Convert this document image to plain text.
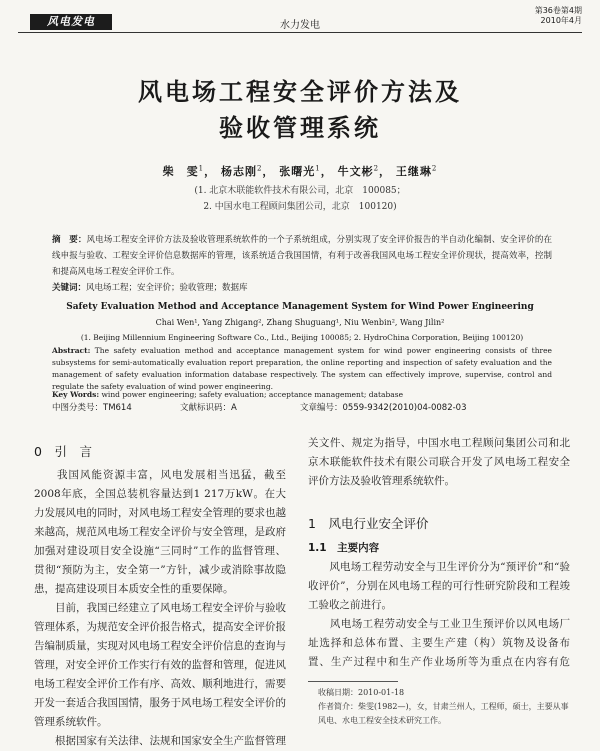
风电发电	水力发电
第36卷第4期
2010年4月
风电场工程安全评价方法及
验收管理系统
柴　雯$^1$， 杨志刚$^2$， 张曙光$^1$， 牛文彬$^2$， 王继琳$^2$
(1. 北京木联能软件技术有限公司，北京　100085；
2. 中国水电工程顾问集团公司，北京　100120)
摘　要：风电场工程安全评价方法及验收管理系统软件的一个子系统组成，分别实现了安全评价报告的半自动化编制、安全评价的在线申报与验收、工程安全评价信息数据库的管理，该系统适合我国国情，有利于改善我国风电场工程安全评价现状，提高效率，控制和提高风电场工程安全评价工作。
关键词：风电场工程；安全评价；验收管理；数据库
Safety Evaluation Method and Acceptance Management System for Wind Power Engineering
Chai Wen¹, Yang Zhigang², Zhang Shuguang¹, Niu Wenbin², Wang Jilin²
(1. Beijing Millennium Engineering Software Co., Ltd., Beijing 100085; 2. HydroChina Corporation, Beijing 100120)
Abstract: The safety evaluation method and acceptance management system for wind power engineering consists of three subsystems for semi-automatically evaluation report preparation, the online reporting and inspection of safety evaluation and the management of safety evaluation information database respectively. The system can effectively improve, supervise, control and regulate the safety evaluation of wind power engineering.
Key Words: wind power engineering; safety evaluation; acceptance management; database
中图分类号：TM614	文献标识码：A	文章编号：0559-9342(2010)04-0082-03
0　引　言

　　我国风能资源丰富，风电发展相当迅猛，截至2008年底，全国总装机容量达到1 217万kW。在大力发展风电的同时，对风电场工程安全管理的要求也越来越高，规范风电场工程安全评价与安全管理，是政府加强对建设项目安全设施“三同时”工作的监督管理、贯彻“预防为主，安全第一”方针，减少或消除事故隐患，提高建设项目本质安全性的重要保障。

　　目前，我国已经建立了风电场工程安全评价与验收管理体系，为规范安全评价报告格式，提高安全评价报告编制质量，实现对风电场工程安全评价信息的查询与管理，对安全评价工作实行有效的监督和管理，促进风电场工程安全评价工作有序、高效、顺利地进行，需要开发一套适合我国国情，服务于风电场工程安全评价的管理系统软件。

　　根据国家有关法律、法规和国家安全生产监督管理

关文件、规定为指导，中国水电工程顾问集团公司和北京木联能软件技术有限公司联合开发了风电场工程安全评价方法及验收管理系统软件。
1　风电行业安全评价
1.1　主要内容

　　风电场工程劳动安全与卫生评价分为“预评价”和“验收评价”，分别在风电场工程的可行性研究阶段和工程竣工验收之前进行。

　　风电场工程劳动安全与工业卫生预评价以风电场厂址选择和总体布置、主要生产建（构）筑物及设备布置、生产过程中和生产作业场所等为重点在内容有危

收稿日期：2010-01-18
作者简介：柴雯(1982—)，女，甘肃兰州人，工程师，硕士，主要从事风电、水电工程安全技术研究工作。
